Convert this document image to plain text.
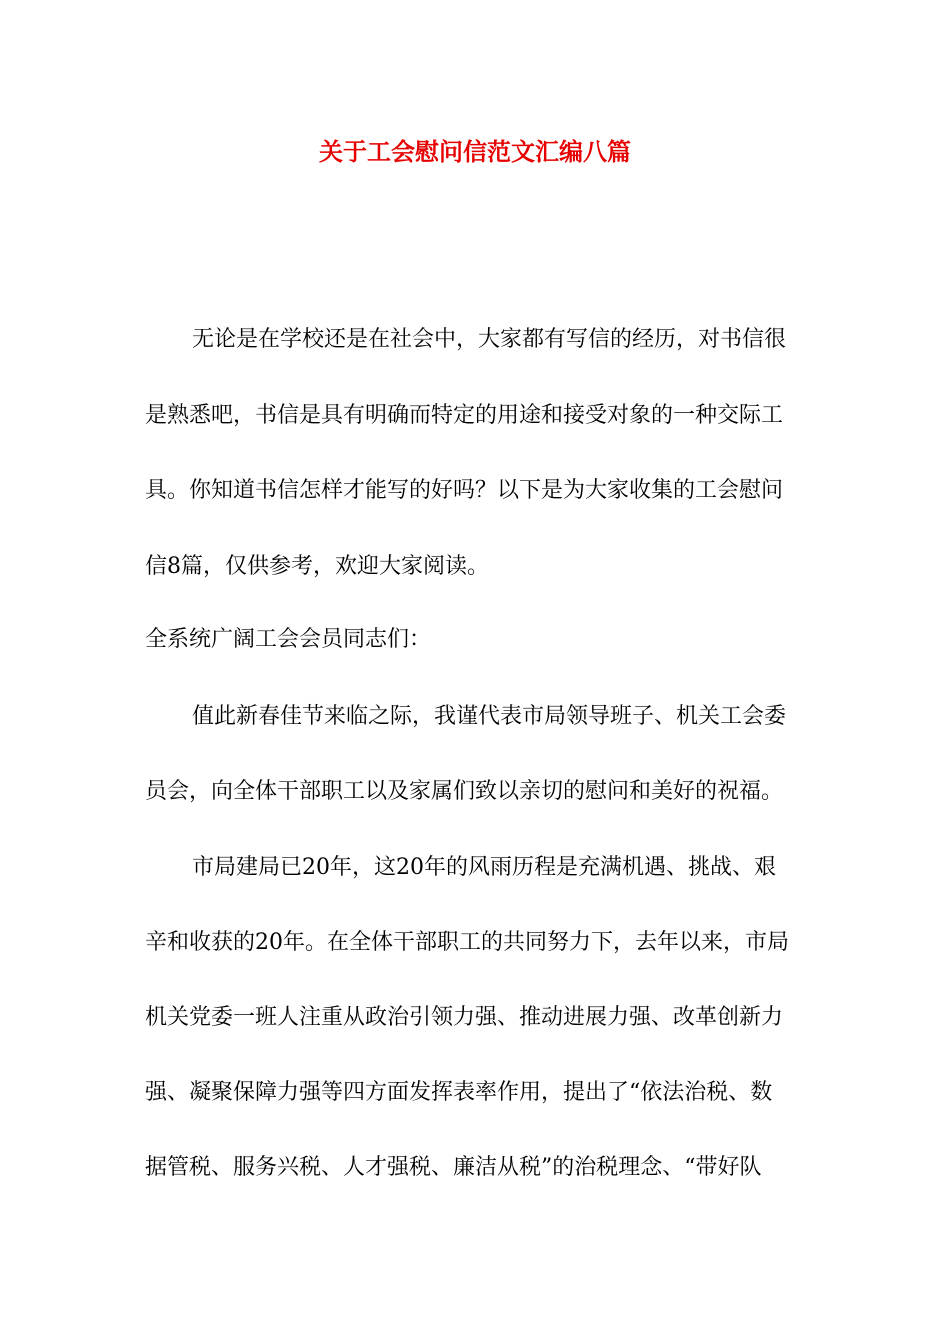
关于工会慰问信范文汇编八篇
无论是在学校还是在社会中，大家都有写信的经历，对书信很
是熟悉吧，书信是具有明确而特定的用途和接受对象的一种交际工
具。你知道书信怎样才能写的好吗？以下是为大家收集的工会慰问
信8篇，仅供参考，欢迎大家阅读。
全系统广阔工会会员同志们：
值此新春佳节来临之际，我谨代表市局领导班子、机关工会委
员会，向全体干部职工以及家属们致以亲切的慰问和美好的祝福。
市局建局已20年，这20年的风雨历程是充满机遇、挑战、艰
辛和收获的20年。在全体干部职工的共同努力下，去年以来，市局
机关党委一班人注重从政治引领力强、推动进展力强、改革创新力
强、凝聚保障力强等四方面发挥表率作用，提出了“依法治税、数
据管税、服务兴税、人才强税、廉洁从税”的治税理念、“带好队
